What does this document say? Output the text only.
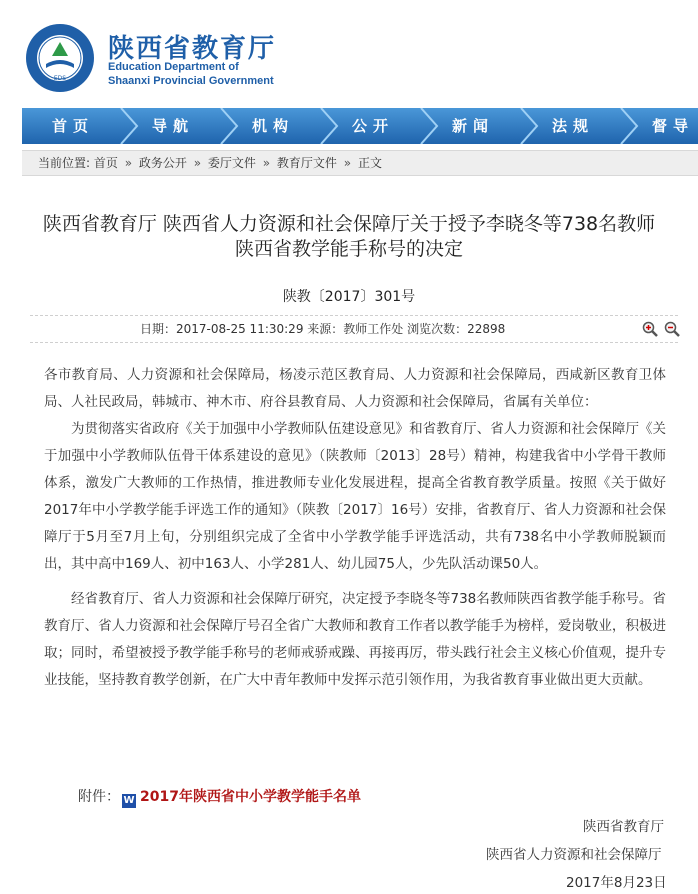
EDS
陕西省教育厅
Education Department of
Shaanxi Provincial Government
首页	导航	机构	公开	新闻	法规	督导
当前位置: 首页 » 政务公开 » 委厅文件 » 教育厅文件 » 正文
陕西省教育厅 陕西省人力资源和社会保障厅关于授予李晓冬等738名教师
陕西省教学能手称号的决定
陕教〔2017〕301号
日期：2017-08-25 11:30:29 来源：教师工作处 浏览次数：22898

各市教育局、人力资源和社会保障局，杨凌示范区教育局、人力资源和社会保障局，西咸新区教育卫体局、人社民政局，韩城市、神木市、府谷县教育局、人力资源和社会保障局，省属有关单位：

为贯彻落实省政府《关于加强中小学教师队伍建设意见》和省教育厅、省人力资源和社会保障厅《关于加强中小学教师队伍骨干体系建设的意见》（陕教师〔2013〕28号）精神，构建我省中小学骨干教师体系，激发广大教师的工作热情，推进教师专业化发展进程，提高全省教育教学质量。按照《关于做好2017年中小学教学能手评选工作的通知》（陕教〔2017〕16号）安排，省教育厅、省人力资源和社会保障厅于5月至7月上旬，分别组织完成了全省中小学教学能手评选活动，共有738名中小学教师脱颖而出，其中高中169人、初中163人、小学281人、幼儿园75人，少先队活动课50人。

经省教育厅、省人力资源和社会保障厅研究，决定授予李晓冬等738名教师陕西省教学能手称号。省教育厅、省人力资源和社会保障厅号召全省广大教师和教育工作者以教学能手为榜样，爱岗敬业，积极进取；同时，希望被授予教学能手称号的老师戒骄戒躁、再接再厉，带头践行社会主义核心价值观，提升专业技能，坚持教育教学创新，在广大中青年教师中发挥示范引领作用，为我省教育事业做出更大贡献。

附件： W 2017年陕西省中小学教学能手名单
陕西省教育厅
陕西省人力资源和社会保障厅
2017年8月23日
